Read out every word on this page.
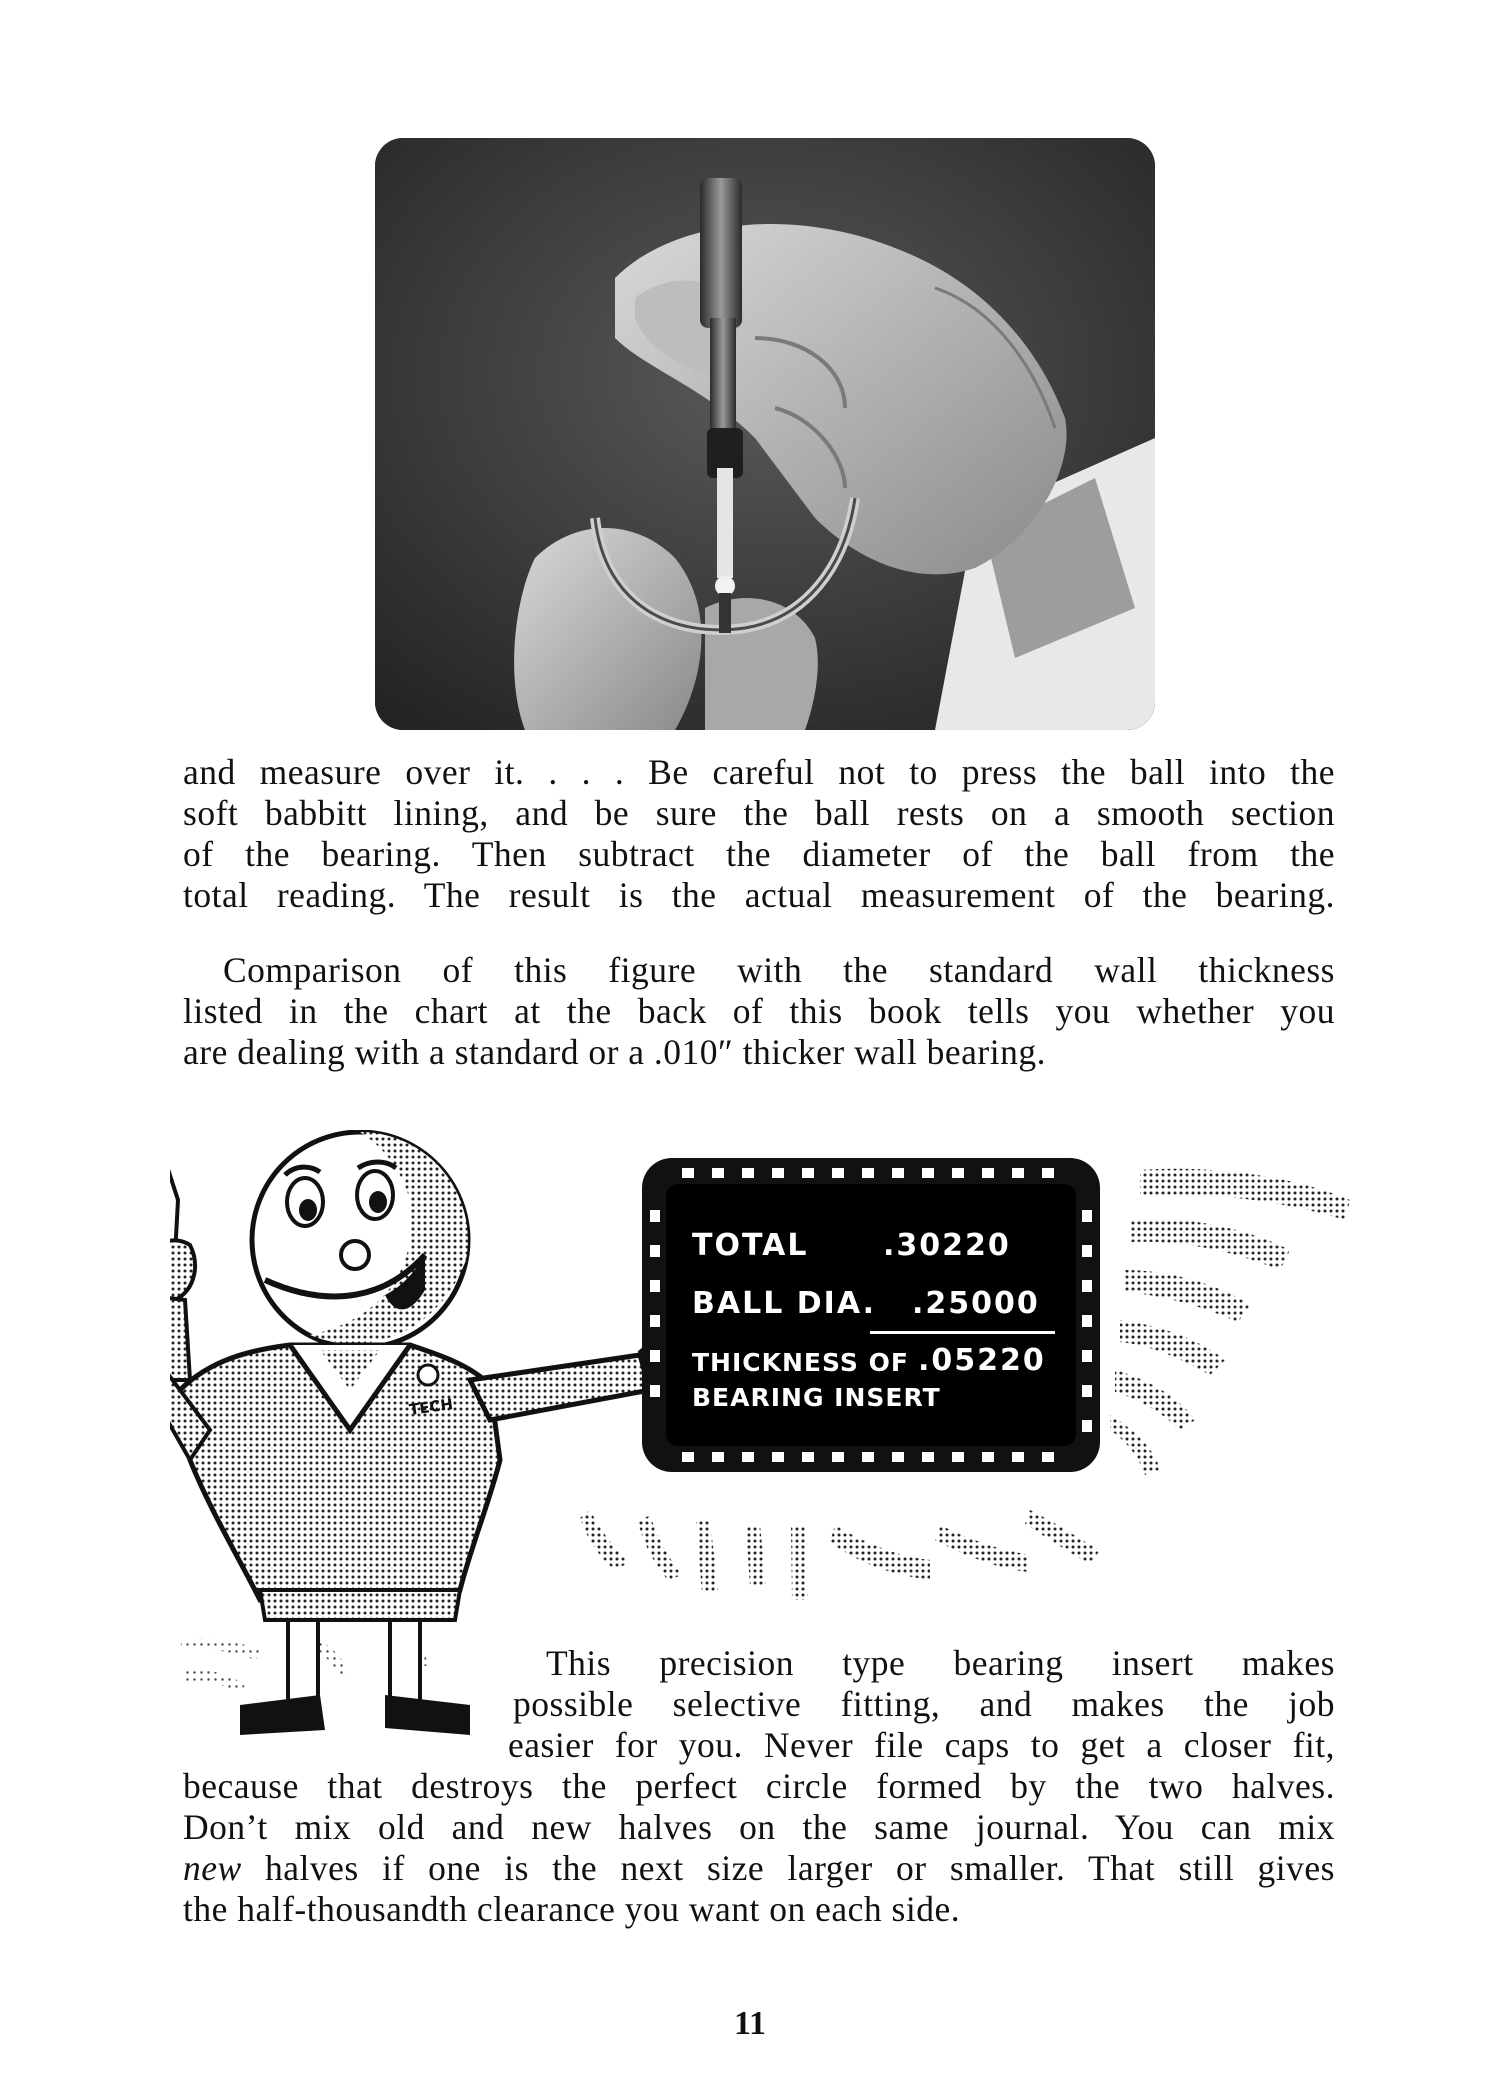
and measure over it. . . . Be careful not to press the ball into the
soft babbitt lining, and be sure the ball rests on a smooth section
of the bearing. Then subtract the diameter of the ball from the
total reading. The result is the actual measurement of the bearing.
Comparison of this figure with the standard wall thickness
listed in the chart at the back of this book tells you whether you
are dealing with a standard or a .010″ thicker wall bearing.
TECH
TOTAL .30220
BALL DIA. .25000
THICKNESS OF .05220
BEARING INSERT
This precision type bearing insert makes
possible selective fitting, and makes the job
easier for you. Never file caps to get a closer fit,
because that destroys the perfect circle formed by the two halves.
Don’t mix old and new halves on the same journal. You can mix
new halves if one is the next size larger or smaller. That still gives
the half-thousandth clearance you want on each side.
11
